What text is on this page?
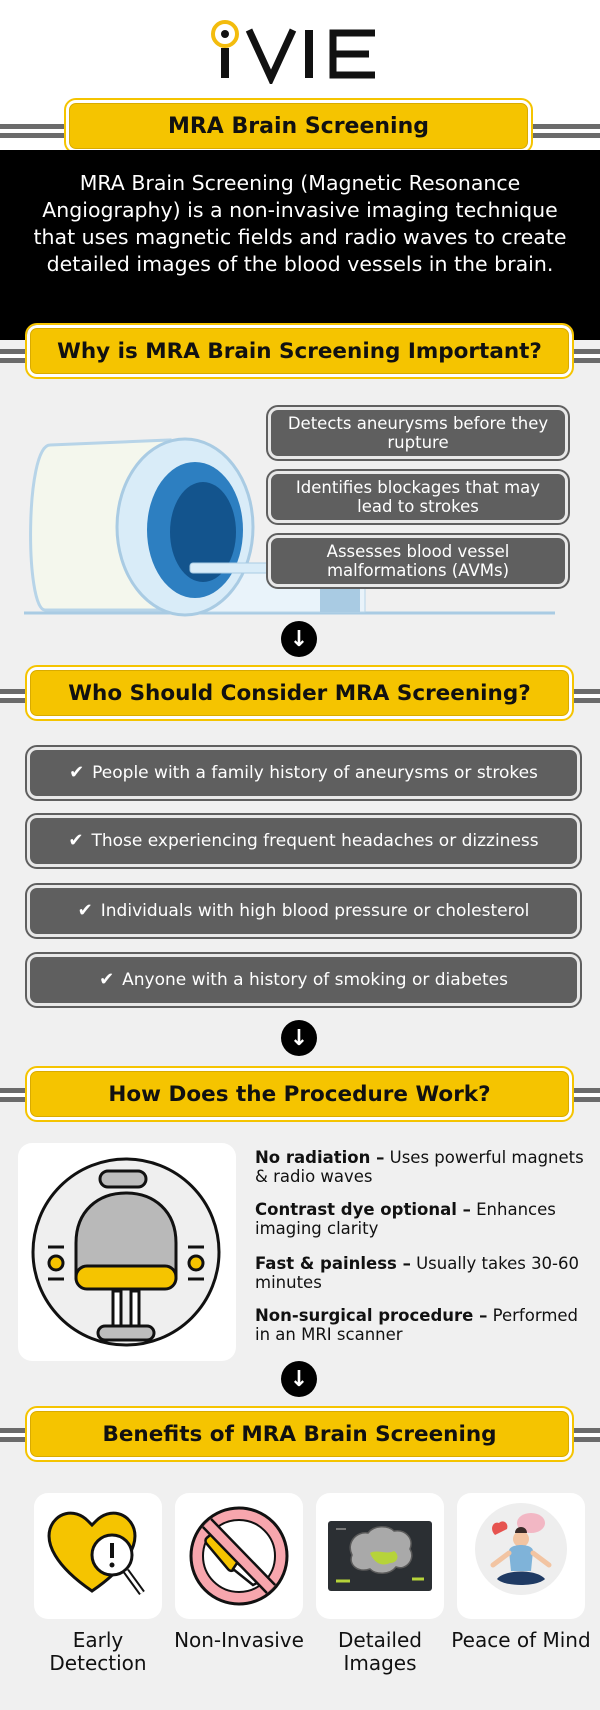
MRA Brain Screening
MRA Brain Screening (Magnetic Resonance Angiography) is a non-invasive imaging technique that uses magnetic fields and radio waves to create detailed images of the blood vessels in the brain.
Why is MRA Brain Screening Important?
Detects aneurysms before they rupture
Identifies blockages that may lead to strokes
Assesses blood vessel malformations (AVMs)
↓
Who Should Consider MRA Screening?
✔ People with a family history of aneurysms or strokes
✔ Those experiencing frequent headaches or dizziness
✔ Individuals with high blood pressure or cholesterol
✔ Anyone with a history of smoking or diabetes
↓
How Does the Procedure Work?
No radiation – Uses powerful magnets & radio waves
Contrast dye optional – Enhances imaging clarity
Fast & painless – Usually takes 30-60 minutes
Non-surgical procedure – Performed in an MRI scanner
↓
Benefits of MRA Brain Screening
Early Detection
Non-Invasive	Detailed Images
Peace of Mind
